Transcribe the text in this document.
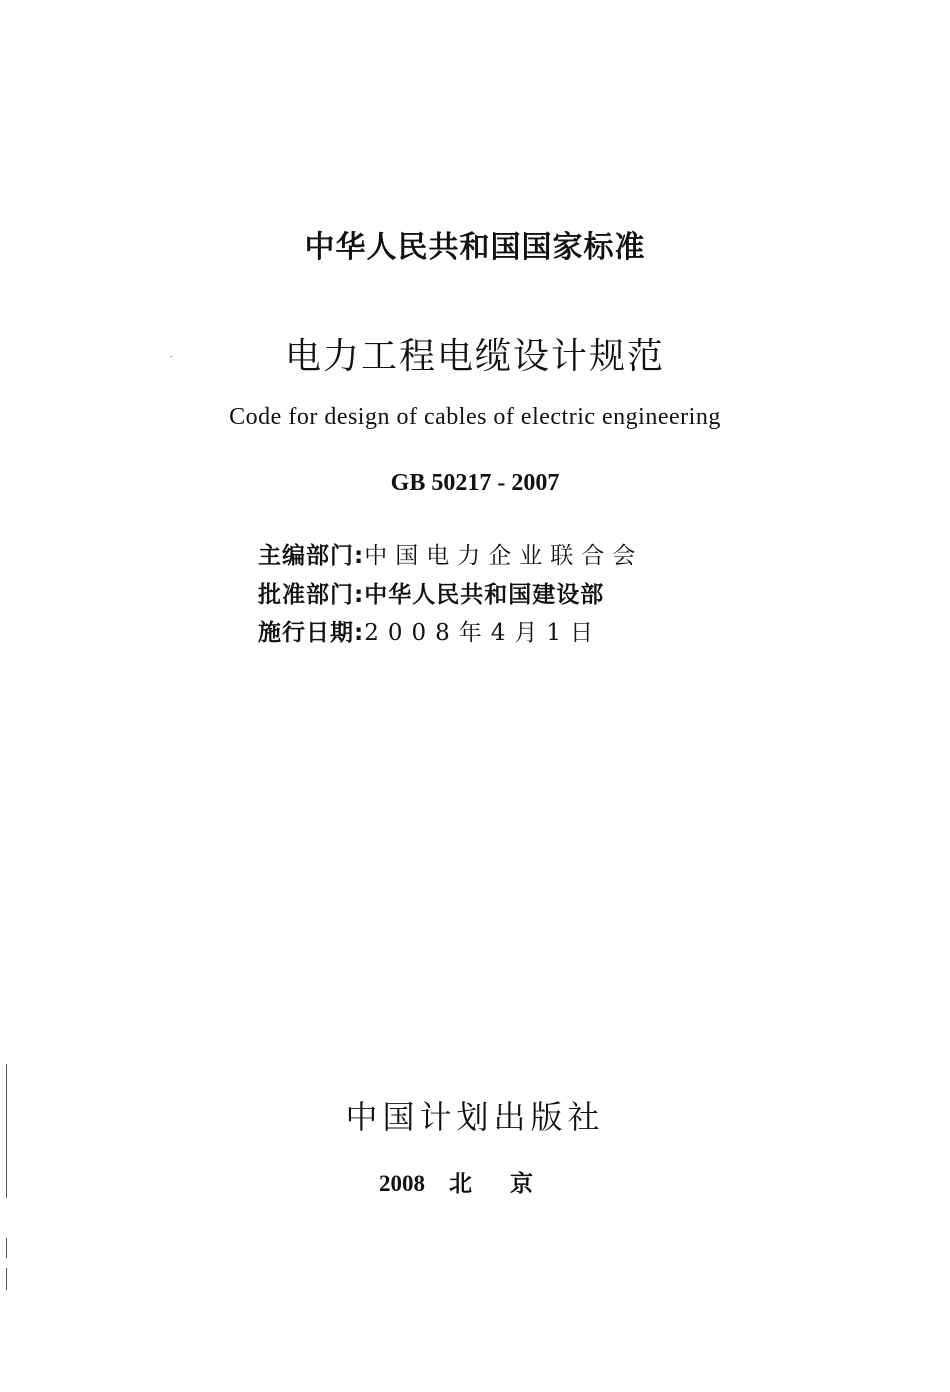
中华人民共和国国家标准
电力工程电缆设计规范
Code for design of cables of electric engineering
GB 50217 - 2007
主编部门:中国电力企业联合会
批准部门:中华人民共和国建设部
施行日期:2008年4月1日
中国计划出版社
2008 北京
